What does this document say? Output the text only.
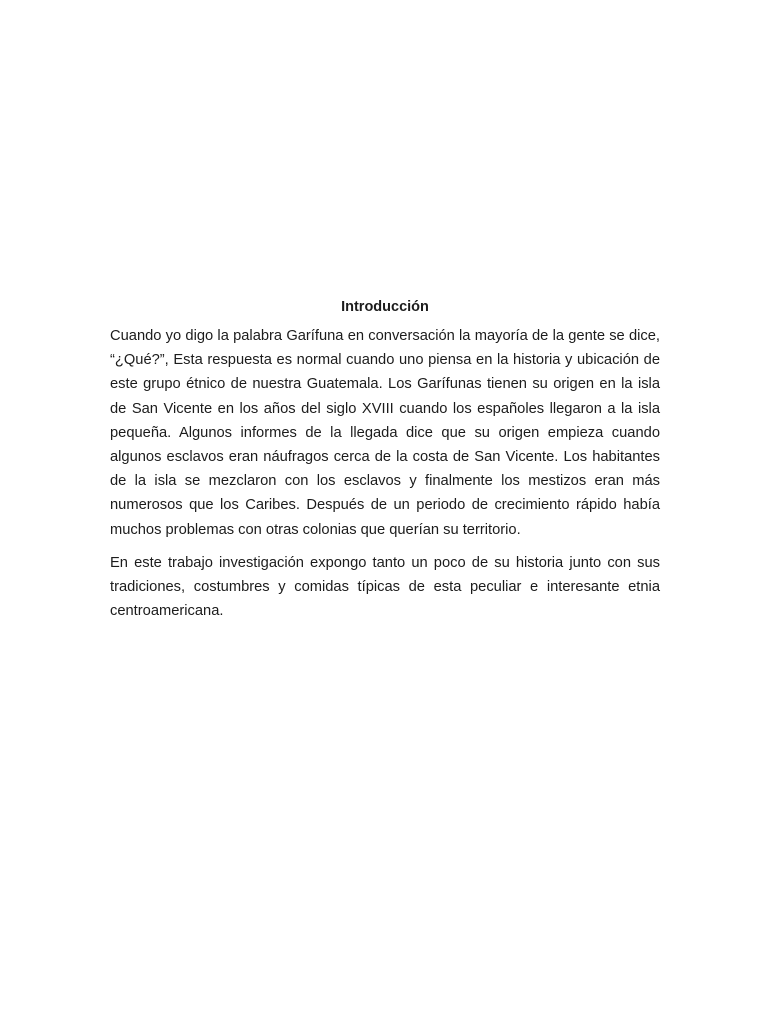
Introducción

Cuando yo digo la palabra Garífuna en conversación la mayoría de la gente se dice, “¿Qué?”, Esta respuesta es normal cuando uno piensa en la historia y ubicación de este grupo étnico de nuestra Guatemala. Los Garífunas tienen su origen en la isla de San Vicente en los años del siglo XVIII cuando los españoles llegaron a la isla pequeña. Algunos informes de la llegada dice que su origen empieza cuando algunos esclavos eran náufragos cerca de la costa de San Vicente. Los habitantes de la isla se mezclaron con los esclavos y finalmente los mestizos eran más numerosos que los Caribes. Después de un periodo de crecimiento rápido había muchos problemas con otras colonias que querían su territorio.

En este trabajo investigación expongo tanto un poco de su historia junto con sus tradiciones, costumbres y comidas típicas de esta peculiar e interesante etnia centroamericana.
